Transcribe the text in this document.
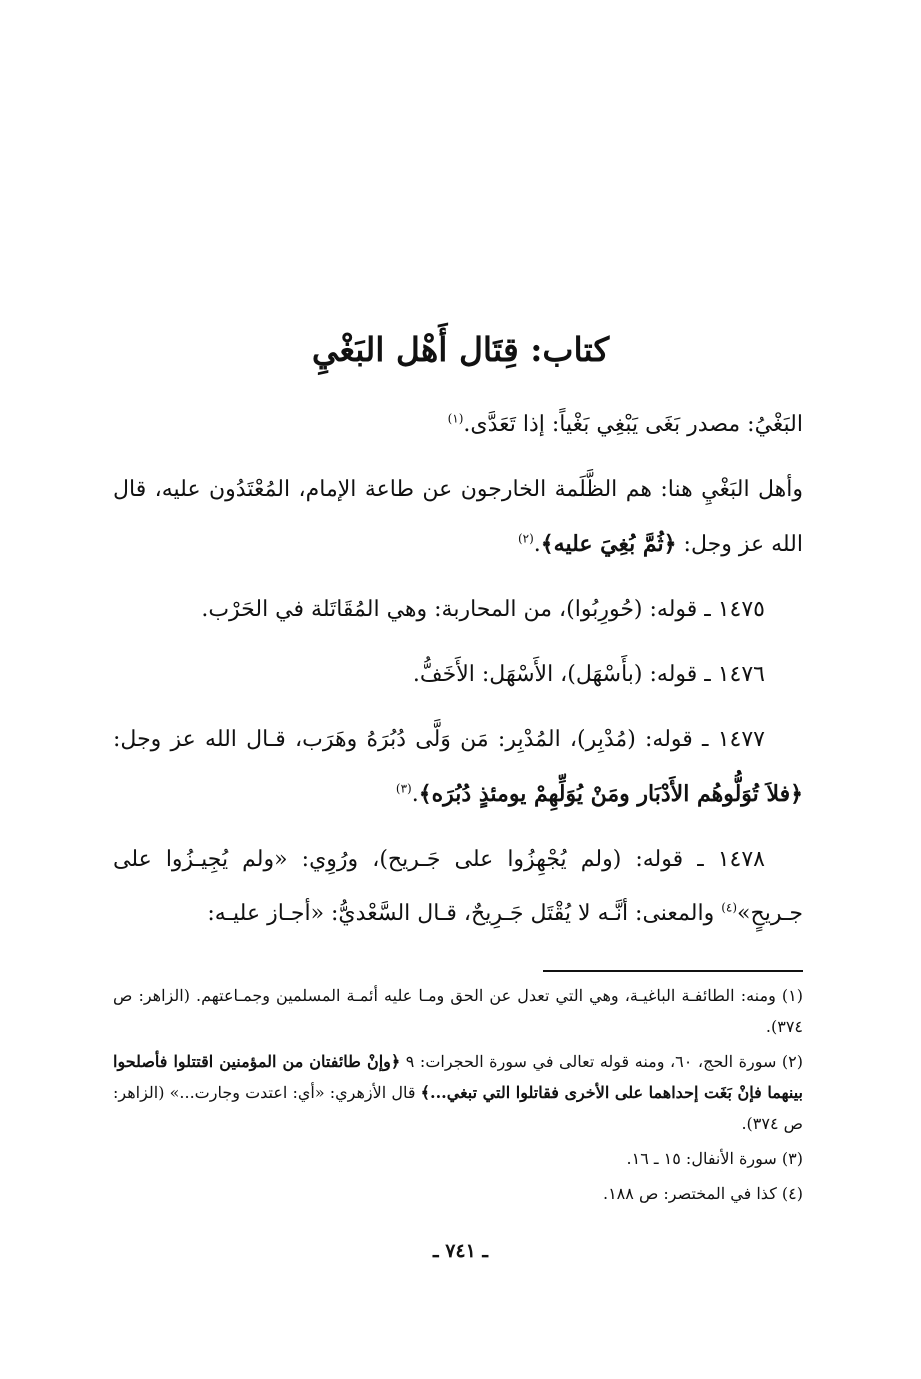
كتاب: قِتَال أَهْل البَغْيِ

البَغْيُ: مصدر بَغَى يَبْغِي بَغْياً: إذا تَعَدَّى.$^{(١)}$

وأهل البَغْيِ هنا: هم الظَّلَمة الخارجون عن طاعة الإمام، المُعْتَدُون عليه، قال الله عز وجل: ﴿ثُمَّ بُغِيَ عليه﴾.$^{(٢)}$

١٤٧٥ ـ قوله: (حُورِبُوا)، من المحاربة: وهي المُقَاتَلة في الحَرْب.

١٤٧٦ ـ قوله: (بأَسْهَل)، الأَسْهَل: الأَخَفُّ.

١٤٧٧ ـ قوله: (مُدْبِر)، المُدْبِر: مَن وَلَّى دُبُرَهُ وهَرَب، قـال الله عز وجل: ﴿فلاَ تُوَلُّوهُم الأَدْبَار ومَنْ يُوَلِّهِمْ يومئذٍ دُبُرَه﴾.$^{(٣)}$

١٤٧٨ ـ قوله: (ولم يُجْهِزُوا على جَـريح)، ورُوِي: «ولم يُجِيـزُوا على جـريحٍ»$^{(٤)}$ والمعنى: أنَّـه لا يُقْتَل جَـرِيحٌ، قـال السَّعْديُّ: «أجـاز عليـه:

(١) ومنه: الطائفـة الباغيـة، وهي التي تعدل عن الحق ومـا عليه أئمـة المسلمين وجمـاعتهم. (الزاهر: ص ٣٧٤).

(٢) سورة الحج، ٦٠، ومنه قوله تعالى في سورة الحجرات: ٩ ﴿وإنْ طائفتان من المؤمنين اقتتلوا فأصلحوا بينهما فإنْ بَغَت إحداهما على الأخرى فقاتلوا التي تبغي...﴾ قال الأزهري: «أي: اعتدت وجارت...» (الزاهر: ص ٣٧٤).

(٣) سورة الأنفال: ١٥ ـ ١٦.

(٤) كذا في المختصر: ص ١٨٨.

ـ ٧٤١ ـ
